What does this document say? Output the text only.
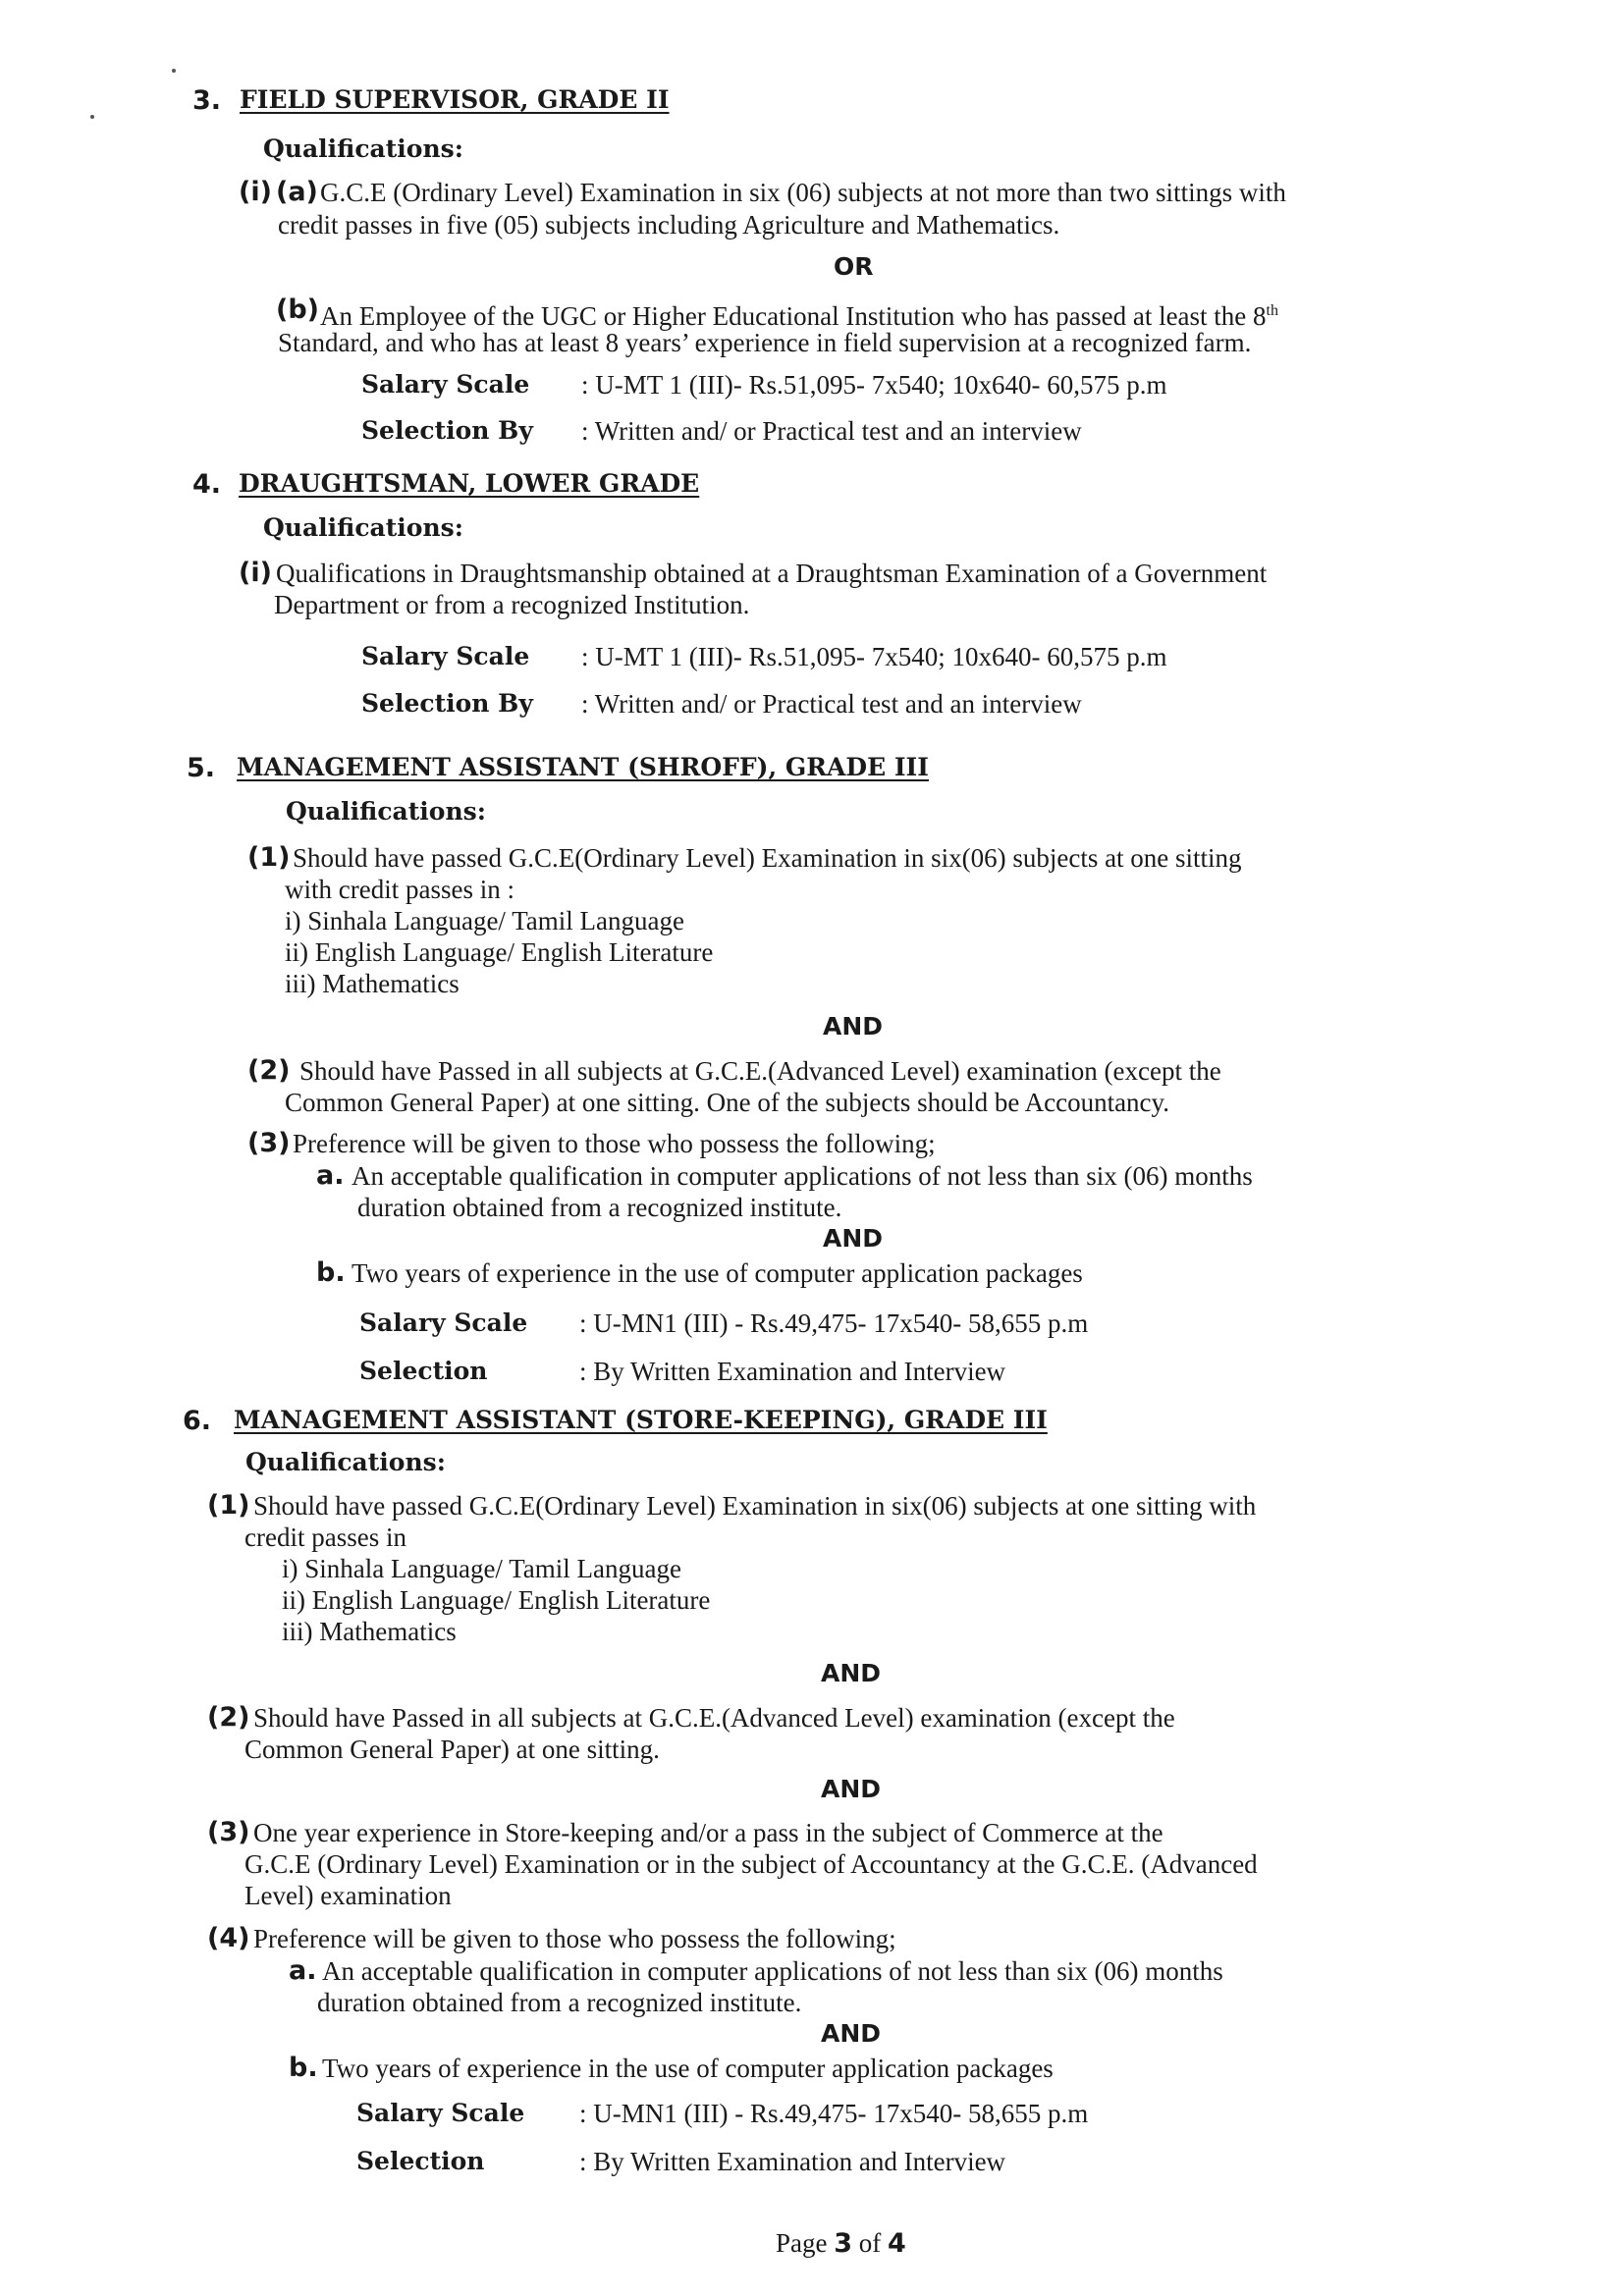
3. FIELD SUPERVISOR, GRADE II
Qualifications:
(i) (a) G.C.E (Ordinary Level) Examination in six (06) subjects at not more than two sittings with
credit passes in five (05) subjects including Agriculture and Mathematics.
OR
(b) An Employee of the UGC or Higher Educational Institution who has passed at least the 8th
Standard, and who has at least 8 years’ experience in field supervision at a recognized farm.
Salary Scale : U-MT 1 (III)- Rs.51,095- 7x540; 10x640- 60,575 p.m
Selection By : Written and/ or Practical test and an interview
4. DRAUGHTSMAN, LOWER GRADE
Qualifications:
(i) Qualifications in Draughtsmanship obtained at a Draughtsman Examination of a Government
Department or from a recognized Institution.
Salary Scale : U-MT 1 (III)- Rs.51,095- 7x540; 10x640- 60,575 p.m
Selection By : Written and/ or Practical test and an interview
5. MANAGEMENT ASSISTANT (SHROFF), GRADE III
Qualifications:
(1) Should have passed G.C.E(Ordinary Level) Examination in six(06) subjects at one sitting
with credit passes in :
i) Sinhala Language/ Tamil Language
ii) English Language/ English Literature
iii) Mathematics
AND
(2) Should have Passed in all subjects at G.C.E.(Advanced Level) examination (except the
Common General Paper) at one sitting. One of the subjects should be Accountancy.
(3) Preference will be given to those who possess the following;
a. An acceptable qualification in computer applications of not less than six (06) months
duration obtained from a recognized institute.
AND
b. Two years of experience in the use of computer application packages
Salary Scale : U-MN1 (III) - Rs.49,475- 17x540- 58,655 p.m
Selection	: By Written Examination and Interview
6. MANAGEMENT ASSISTANT (STORE-KEEPING), GRADE III
Qualifications:
(1) Should have passed G.C.E(Ordinary Level) Examination in six(06) subjects at one sitting with
credit passes in
i) Sinhala Language/ Tamil Language
ii) English Language/ English Literature
iii) Mathematics
AND
(2) Should have Passed in all subjects at G.C.E.(Advanced Level) examination (except the
Common General Paper) at one sitting.
AND
(3) One year experience in Store-keeping and/or a pass in the subject of Commerce at the
G.C.E (Ordinary Level) Examination or in the subject of Accountancy at the G.C.E. (Advanced
Level) examination
(4) Preference will be given to those who possess the following;
a. An acceptable qualification in computer applications of not less than six (06) months
duration obtained from a recognized institute.
AND
b. Two years of experience in the use of computer application packages
Salary Scale : U-MN1 (III) - Rs.49,475- 17x540- 58,655 p.m
Selection	: By Written Examination and Interview
Page 3 of 4
